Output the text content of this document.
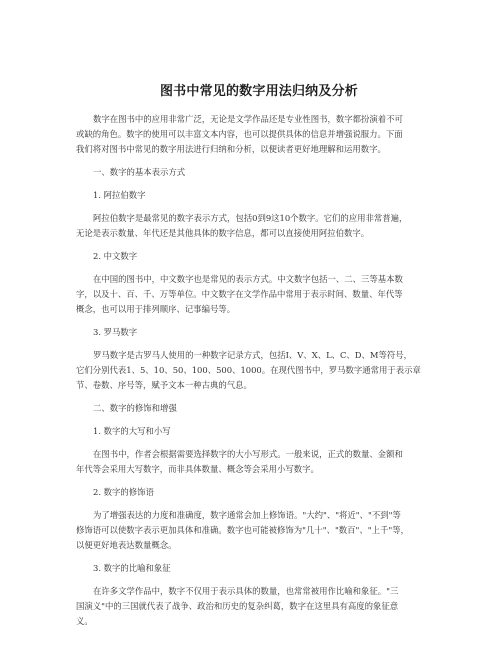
图书中常见的数字用法归纳及分析
数字在图书中的应用非常广泛，无论是文学作品还是专业性图书，数字都扮演着不可
或缺的角色。数字的使用可以丰富文本内容，也可以提供具体的信息并增强说服力。下面
我们将对图书中常见的数字用法进行归纳和分析，以便读者更好地理解和运用数字。
一、数字的基本表示方式
1. 阿拉伯数字
阿拉伯数字是最常见的数字表示方式，包括0到9这10个数字。它们的应用非常普遍，
无论是表示数量、年代还是其他具体的数字信息，都可以直接使用阿拉伯数字。
2. 中文数字
在中国的图书中，中文数字也是常见的表示方式。中文数字包括一、二、三等基本数
字，以及十、百、千、万等单位。中文数字在文学作品中常用于表示时间、数量、年代等
概念，也可以用于排列顺序、记事编号等。
3. 罗马数字
罗马数字是古罗马人使用的一种数字记录方式，包括I、V、X、L、C、D、M等符号，
它们分别代表1、5、10、50、100、500、1000。在现代图书中，罗马数字通常用于表示章
节、卷数、序号等，赋予文本一种古典的气息。
二、数字的修饰和增强
1. 数字的大写和小写
在图书中，作者会根据需要选择数字的大小写形式。一般来说，正式的数量、金额和
年代等会采用大写数字，而非具体数量、概念等会采用小写数字。
2. 数字的修饰语
为了增强表达的力度和准确度，数字通常会加上修饰语。"大约"、"将近"、"不到"等
修饰语可以使数字表示更加具体和准确。数字也可能被修饰为"几十"、"数百"、"上千"等，
以便更好地表达数量概念。
3. 数字的比喻和象征
在许多文学作品中，数字不仅用于表示具体的数量，也常常被用作比喻和象征。"三
国演义"中的三国就代表了战争、政治和历史的复杂纠葛，数字在这里具有高度的象征意
义。
